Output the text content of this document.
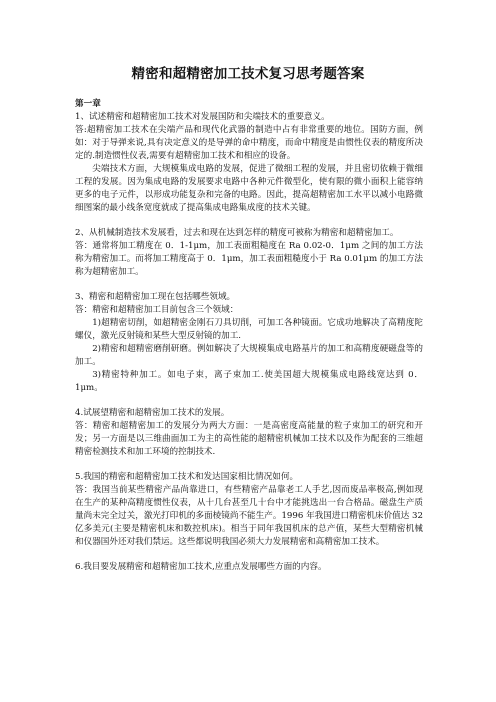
精密和超精密加工技术复习思考题答案

第一章

1、试述精密和超精密加工技术对发展国防和尖端技术的重要意义。

答:超精密加工技术在尖端产品和现代化武器的制造中占有非常重要的地位。国防方面，例如：对于导弹来说,具有决定意义的是导弹的命中精度，而命中精度是由惯性仪表的精度所决定的.制造惯性仪表,需要有超精密加工技术和相应的设备。

尖端技术方面，大规模集成电路的发展，促进了微细工程的发展，并且密切依赖于微细工程的发展。因为集成电路的发展要求电路中各种元件微型化，使有限的微小面积上能容纳更多的电子元件，以形成功能复杂和完备的电路。因此，提高超精密加工水平以减小电路微细图案的最小线条宽度就成了提高集成电路集成度的技术关键。

2、从机械制造技术发展看，过去和现在达到怎样的精度可被称为精密和超精密加工。

答：通常将加工精度在 0．1-1μm，加工表面粗糙度在 Ra 0.02-0．1μm 之间的加工方法称为精密加工。而将加工精度高于 0．1μm，加工表面粗糙度小于 Ra 0.01μm 的加工方法称为超精密加工。

3、精密和超精密加工现在包括哪些领域。

答：精密和超精密加工目前包含三个领域：

1)超精密切削，如超精密金刚石刀具切削，可加工各种镜面。它成功地解决了高精度陀螺仪，激光反射镜和某些大型反射镜的加工.

2)精密和超精密磨削研磨。例如解决了大规模集成电路基片的加工和高精度硬磁盘等的加工。

3)精密特种加工。如电子束，离子束加工.使美国超大规模集成电路线宽达到 0．1μm。

4.试展望精密和超精密加工技术的发展。

答：精密和超精密加工的发展分为两大方面：一是高密度高能量的粒子束加工的研究和开发；另一方面是以三维曲面加工为主的高性能的超精密机械加工技术以及作为配套的三维超精密检测技术和加工环境的控制技术.

5.我国的精密和超精密加工技术和发达国家相比情况如何。

答：我国当前某些精密产品尚靠进口，有些精密产品靠老工人手艺,因而废品率极高,例如现在生产的某种高精度惯性仪表，从十几台甚至几十台中才能挑选出一台合格品。磁盘生产质量尚未完全过关，激光打印机的多面棱镜尚不能生产。1996 年我国进口精密机床价值达 32 亿多美元(主要是精密机床和数控机床)。相当于同年我国机床的总产值，某些大型精密机械和仪器国外还对我们禁运。这些都说明我国必须大力发展精密和高精密加工技术。

6.我目要发展精密和超精密加工技术,应重点发展哪些方面的内容。
